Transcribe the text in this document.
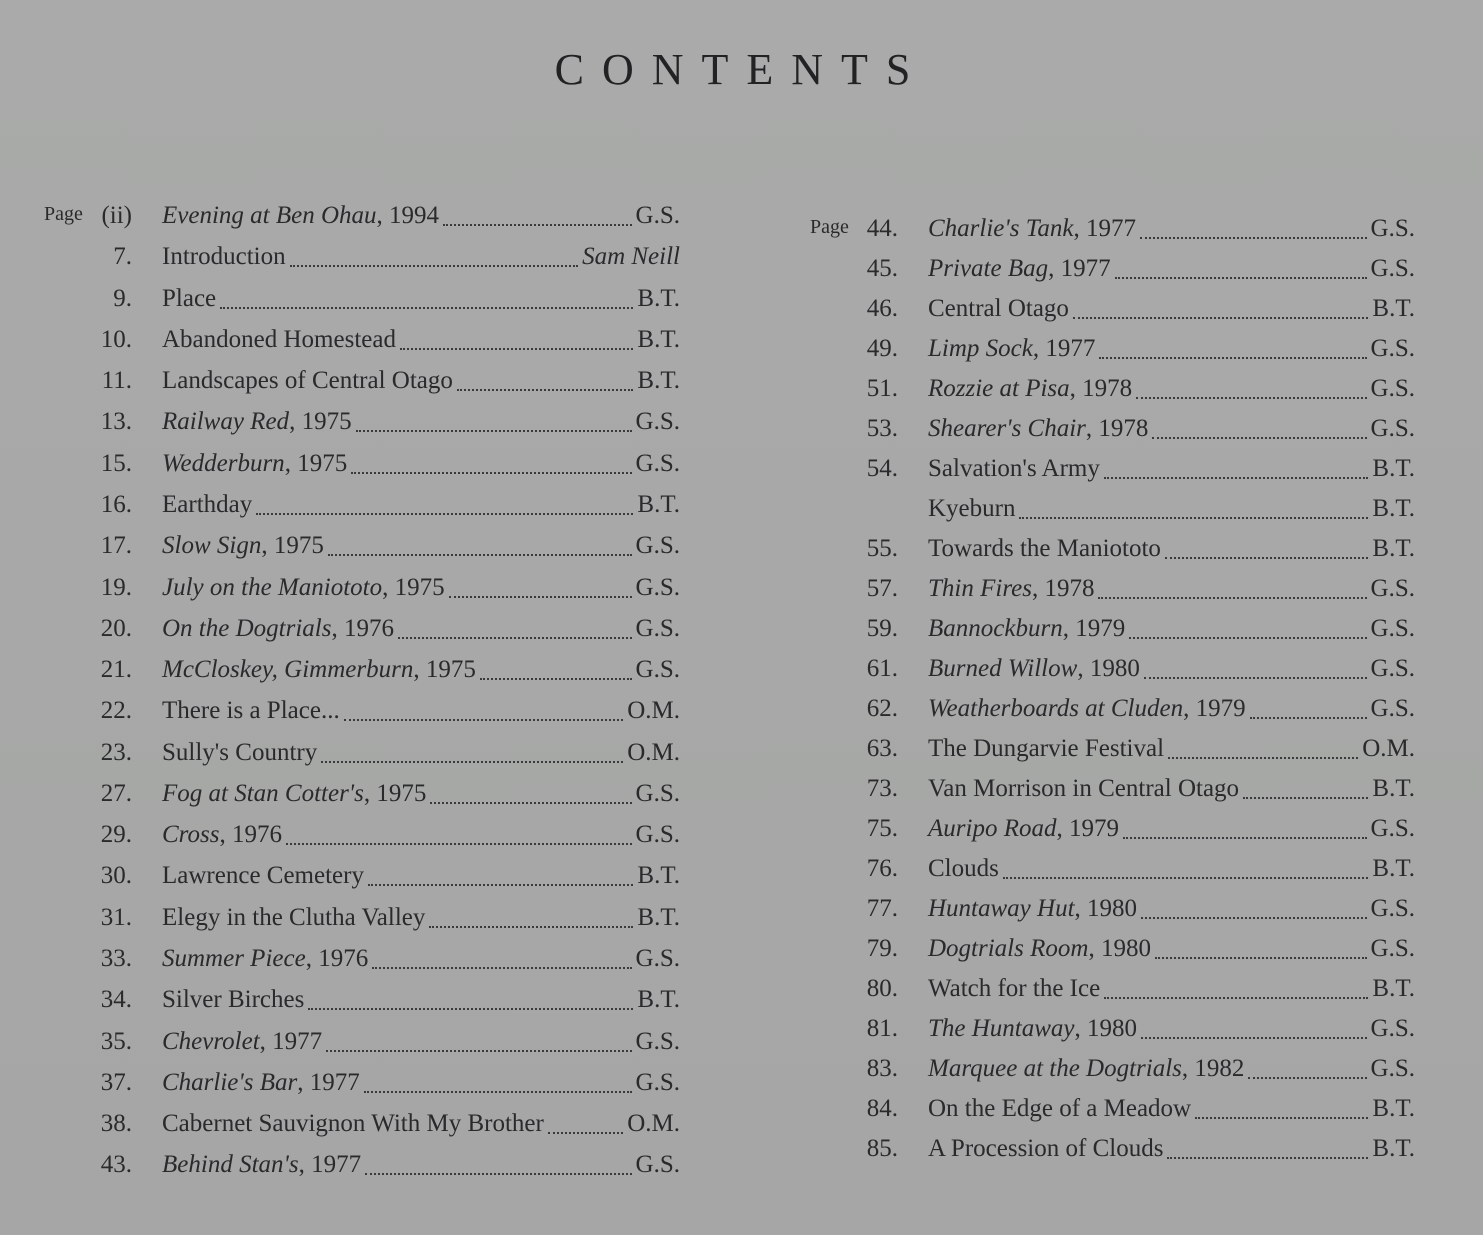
CONTENTS
Page
Page
(ii)	Evening at Ben Ohau, 1994	G.S.
7.	Introduction	Sam Neill
9.	Place	B.T.
10.	Abandoned Homestead	B.T.
11.	Landscapes of Central Otago	B.T.
13.	Railway Red, 1975	G.S.
15.	Wedderburn, 1975	G.S.
16.	Earthday	B.T.
17.	Slow Sign, 1975	G.S.
19.	July on the Maniototo, 1975	G.S.
20.	On the Dogtrials, 1976	G.S.
21.	McCloskey, Gimmerburn, 1975	G.S.
22.	There is a Place...	O.M.
23.	Sully's Country	O.M.
27.	Fog at Stan Cotter's, 1975	G.S.
29.	Cross, 1976	G.S.
30.	Lawrence Cemetery	B.T.
31.	Elegy in the Clutha Valley	B.T.
33.	Summer Piece, 1976	G.S.
34.	Silver Birches	B.T.
35.	Chevrolet, 1977	G.S.
37.	Charlie's Bar, 1977	G.S.
38.	Cabernet Sauvignon With My Brother	O.M.
43.	Behind Stan's, 1977	G.S.
44.	Charlie's Tank, 1977	G.S.
45.	Private Bag, 1977	G.S.
46.	Central Otago	B.T.
49.	Limp Sock, 1977	G.S.
51.	Rozzie at Pisa, 1978	G.S.
53.	Shearer's Chair, 1978	G.S.
54.	Salvation's Army	B.T.
Kyeburn	B.T.
55.	Towards the Maniototo	B.T.
57.	Thin Fires, 1978	G.S.
59.	Bannockburn, 1979	G.S.
61.	Burned Willow, 1980	G.S.
62.	Weatherboards at Cluden, 1979	G.S.
63.	The Dungarvie Festival	O.M.
73.	Van Morrison in Central Otago	B.T.
75.	Auripo Road, 1979	G.S.
76.	Clouds	B.T.
77.	Huntaway Hut, 1980	G.S.
79.	Dogtrials Room, 1980	G.S.
80.	Watch for the Ice	B.T.
81.	The Huntaway, 1980	G.S.
83.	Marquee at the Dogtrials, 1982	G.S.
84.	On the Edge of a Meadow	B.T.
85.	A Procession of Clouds	B.T.
